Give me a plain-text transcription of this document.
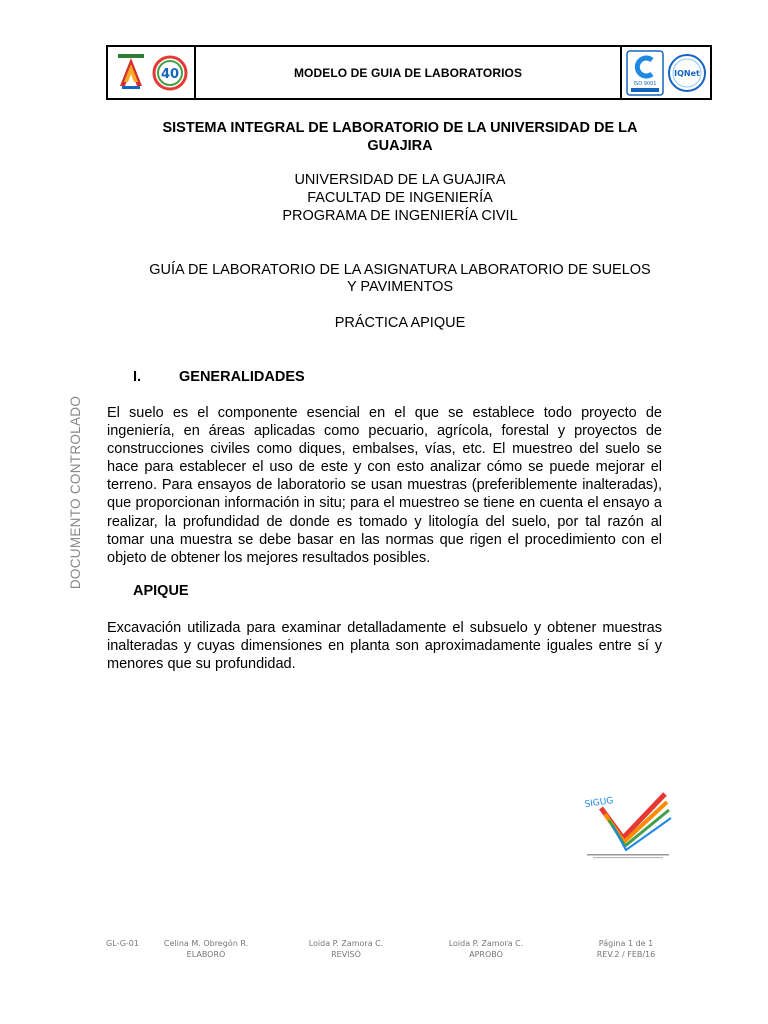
40	MODELO DE GUIA DE LABORATORIOS
ISO 9001
IQNet
SISTEMA INTEGRAL DE LABORATORIO DE LA UNIVERSIDAD DE LA
GUAJIRA
UNIVERSIDAD DE LA GUAJIRA
FACULTAD DE INGENIERÍA
PROGRAMA DE INGENIERÍA CIVIL
GUÍA DE LABORATORIO DE LA ASIGNATURA LABORATORIO DE SUELOS
Y PAVIMENTOS
PRÁCTICA APIQUE
I.	GENERALIDADES

El suelo es el componente esencial en el que se establece todo proyecto de ingeniería, en áreas aplicadas como pecuario, agrícola, forestal y proyectos de construcciones civiles como diques, embalses, vías, etc. El muestreo del suelo se hace para establecer el uso de este y con esto analizar cómo se puede mejorar el terreno. Para ensayos de laboratorio se usan muestras (preferiblemente inalteradas), que proporcionan información in situ; para el muestreo se tiene en cuenta el ensayo a realizar, la profundidad de donde es tomado y litología del suelo, por tal razón al tomar una muestra se debe basar en las normas que rigen el procedimiento con el objeto de obtener los mejores resultados posibles.

APIQUE

Excavación utilizada para examinar detalladamente el subsuelo y obtener muestras inalteradas y cuyas dimensiones en planta son aproximadamente iguales entre sí y menores que su profundidad.

DOCUMENTO CONTROLADO
SIGUG
GL-G-01	Celina M. Obregón R.
ELABORÓ
Loida P. Zamora C.
REVISÓ
Loida P. Zamora C.
APROBÓ
Página 1 de 1
REV.2 / FEB/16
